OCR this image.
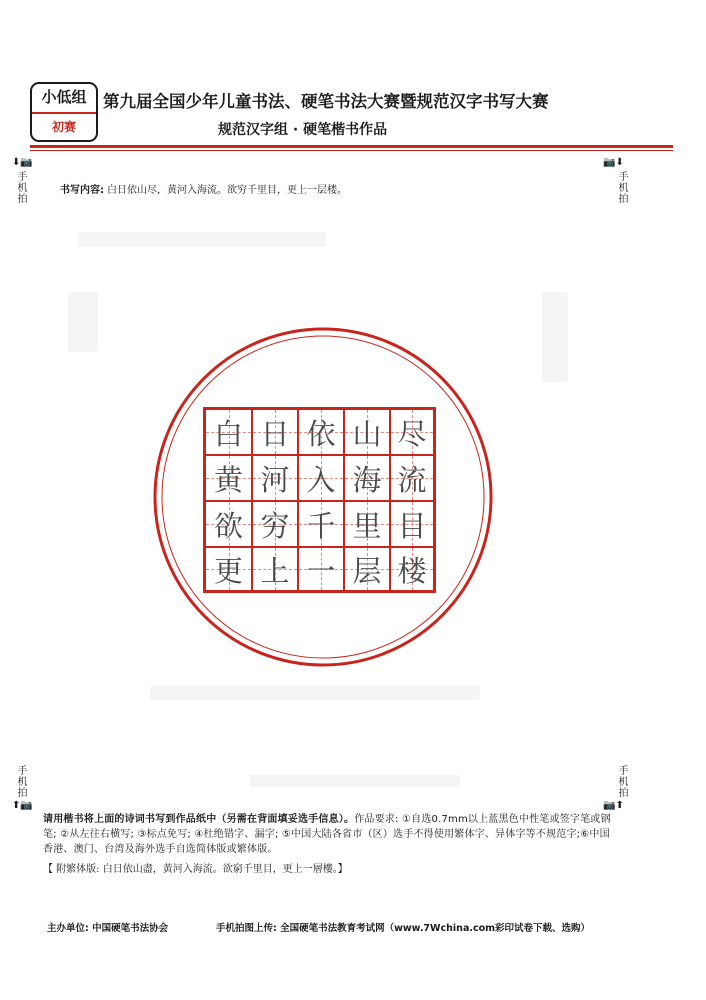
小低组
初赛
第九届全国少年儿童书法、硬笔书法大赛暨规范汉字书写大赛
规范汉字组 · 硬笔楷书作品
⬇📷
手机拍
📷⬇
手机拍
书写内容: 白日依山尽，黄河入海流。欲穷千里目，更上一层楼。
白 日 依 山 尽
黄 河 入 海 流
欲 穷 千 里 目
更 上 一 层 楼
手机拍
⬆📷
手机拍
📷⬆
请用楷书将上面的诗词书写到作品纸中（另需在背面填妥选手信息）。作品要求: ①自选0.7mm以上蓝黑色中性笔或签字笔或钢笔; ②从左往右横写; ③标点免写; ④杜绝错字、漏字; ⑤中国大陆各省市（区）选手不得使用繁体字、异体字等不规范字;⑥中国香港、澳门、台湾及海外选手自选简体版或繁体版。
【 附繁体版: 白日依山盡，黃河入海流。欲窮千里目，更上一層樓。】
主办单位: 中国硬笔书法协会	手机拍图上传: 全国硬笔书法教育考试网（www.7Wchina.com彩印试卷下载、选购）
